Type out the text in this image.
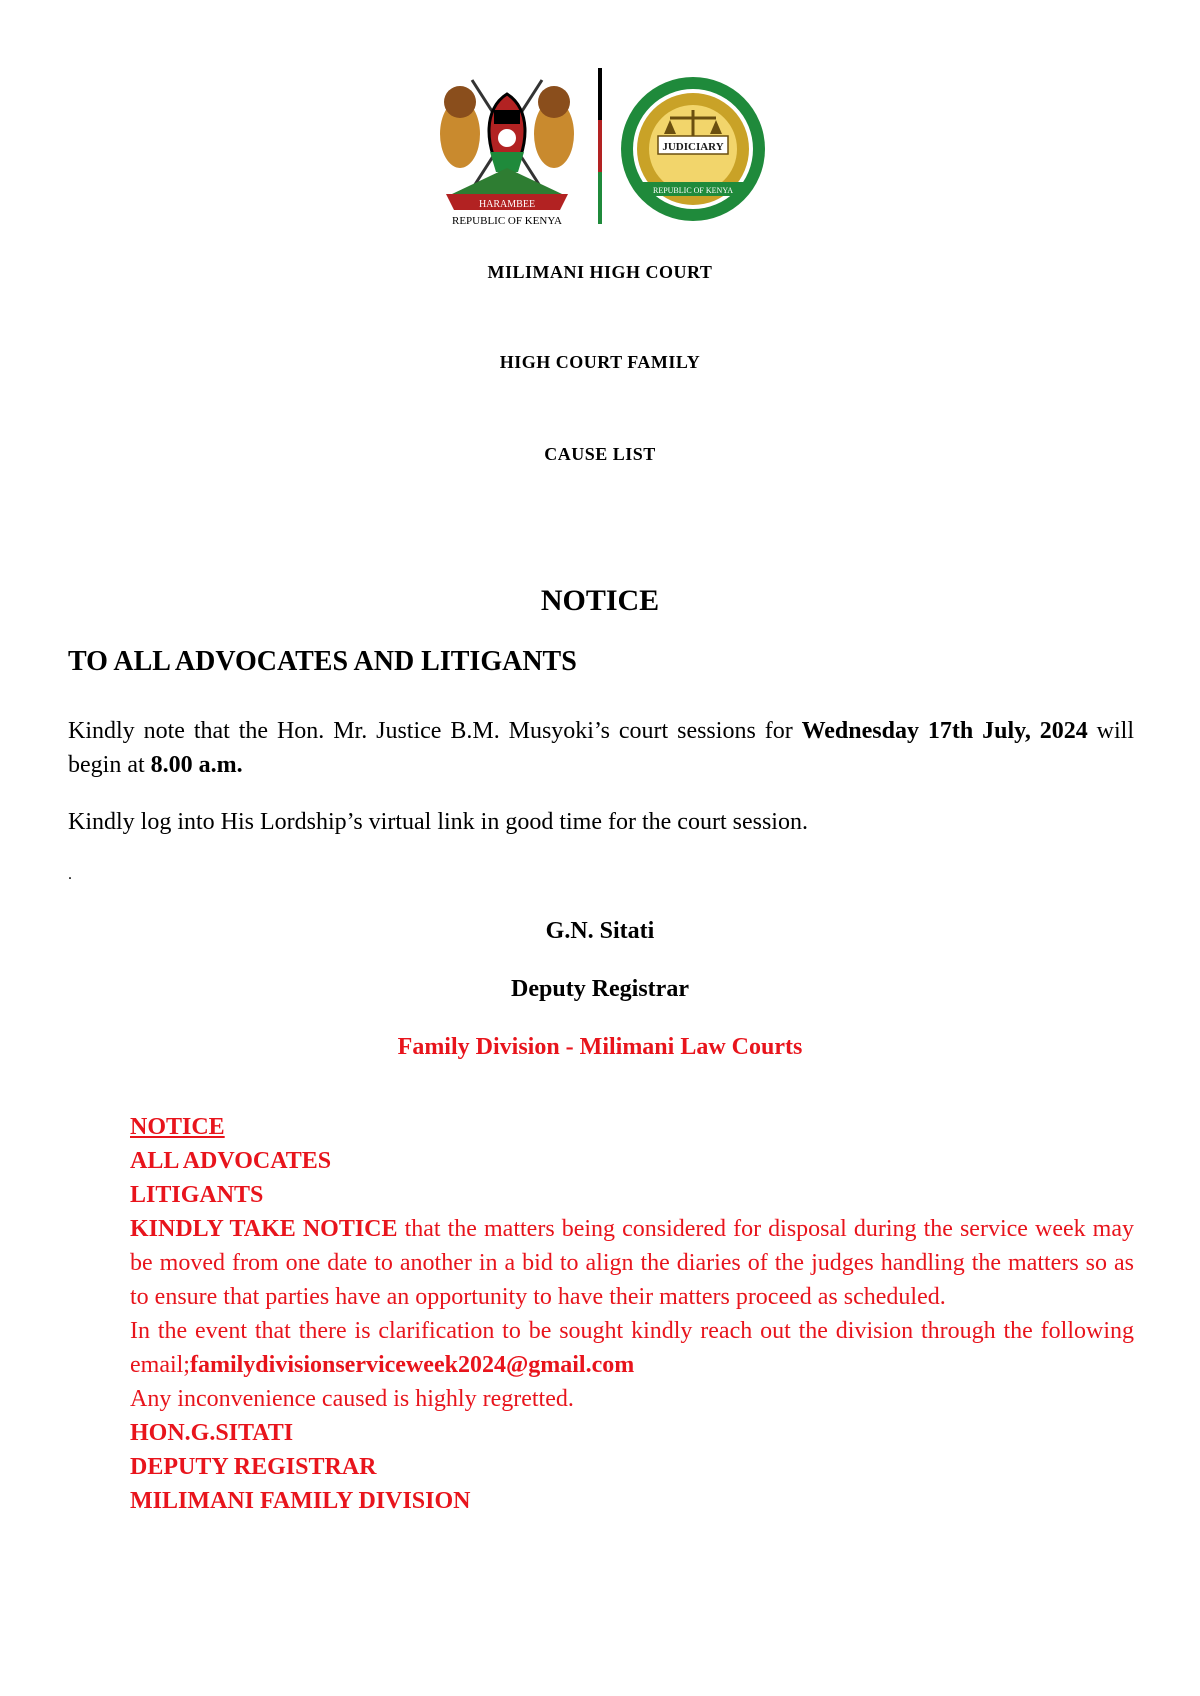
HARAMBEE
REPUBLIC OF KENYA
JUDICIARY
REPUBLIC OF KENYA
MILIMANI HIGH COURT
HIGH COURT FAMILY
CAUSE LIST
NOTICE
TO ALL ADVOCATES AND LITIGANTS
Kindly note that the Hon. Mr. Justice B.M. Musyoki’s court sessions for Wednesday 17th July, 2024 will begin at 8.00 a.m.
Kindly log into His Lordship’s virtual link in good time for the court session.
.
G.N. Sitati
Deputy Registrar
Family Division - Milimani Law Courts
NOTICE
ALL ADVOCATES
LITIGANTS
KINDLY TAKE NOTICE that the matters being considered for disposal during the service week may be moved from one date to another in a bid to align the diaries of the judges handling the matters so as to ensure that parties have an opportunity to have their matters proceed as scheduled.
In the event that there is clarification to be sought kindly reach out the division through the following email;familydivisionserviceweek2024@gmail.com
Any inconvenience caused is highly regretted.
HON.G.SITATI
DEPUTY REGISTRAR
MILIMANI FAMILY DIVISION
